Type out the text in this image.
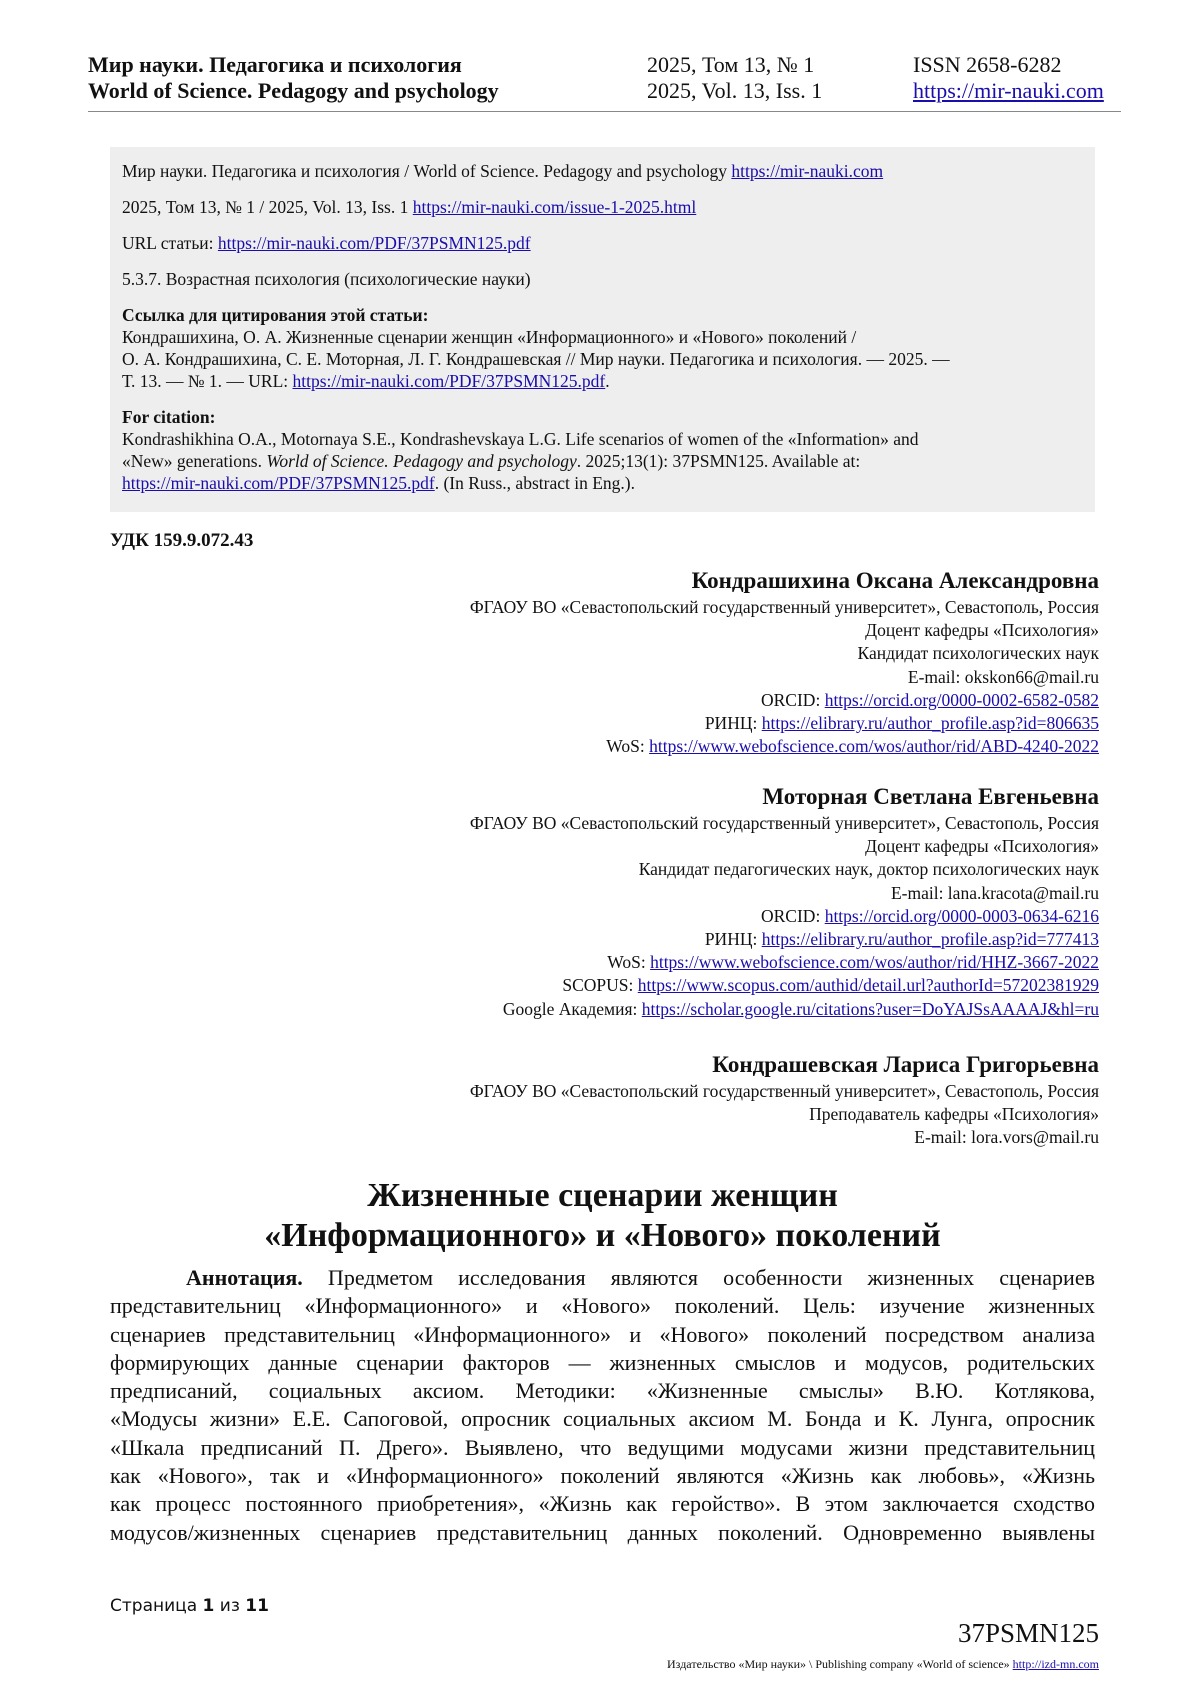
Мир науки. Педагогика и психология
World of Science. Pedagogy and psychology
2025, Том 13, № 1
2025, Vol. 13, Iss. 1
ISSN 2658-6282
https://mir-nauki.com

Мир науки. Педагогика и психология / World of Science. Pedagogy and psychology https://mir-nauki.com

2025, Том 13, № 1 / 2025, Vol. 13, Iss. 1 https://mir-nauki.com/issue-1-2025.html

URL статьи: https://mir-nauki.com/PDF/37PSMN125.pdf

5.3.7. Возрастная психология (психологические науки)

Ссылка для цитирования этой статьи:

Кондрашихина, О. А. Жизненные сценарии женщин «Информационного» и «Нового» поколений /

О. А. Кондрашихина, С. Е. Моторная, Л. Г. Кондрашевская // Мир науки. Педагогика и психология. — 2025. —

Т. 13. — № 1. — URL: https://mir-nauki.com/PDF/37PSMN125.pdf.

For citation:

Kondrashikhina O.A., Motornaya S.E., Kondrashevskaya L.G. Life scenarios of women of the «Information» and

«New» generations. World of Science. Pedagogy and psychology. 2025;13(1): 37PSMN125. Available at:

https://mir-nauki.com/PDF/37PSMN125.pdf. (In Russ., abstract in Eng.).

УДК 159.9.072.43
Кондрашихина Оксана Александровна
ФГАОУ ВО «Севастопольский государственный университет», Севастополь, Россия
Доцент кафедры «Психология»
Кандидат психологических наук
E-mail: okskon66@mail.ru
ORCID: https://orcid.org/0000-0002-6582-0582
РИНЦ: https://elibrary.ru/author_profile.asp?id=806635
WoS: https://www.webofscience.com/wos/author/rid/ABD-4240-2022
Моторная Светлана Евгеньевна
ФГАОУ ВО «Севастопольский государственный университет», Севастополь, Россия
Доцент кафедры «Психология»
Кандидат педагогических наук, доктор психологических наук
E-mail: lana.kracota@mail.ru
ORCID: https://orcid.org/0000-0003-0634-6216
РИНЦ: https://elibrary.ru/author_profile.asp?id=777413
WoS: https://www.webofscience.com/wos/author/rid/HHZ-3667-2022
SCOPUS: https://www.scopus.com/authid/detail.url?authorId=57202381929
Google Академия: https://scholar.google.ru/citations?user=DoYAJSsAAAAJ&hl=ru
Кондрашевская Лариса Григорьевна
ФГАОУ ВО «Севастопольский государственный университет», Севастополь, Россия
Преподаватель кафедры «Психология»
E-mail: lora.vors@mail.ru
Жизненные сценарии женщин
«Информационного» и «Нового» поколений
Аннотация. Предметом исследования являются особенности жизненных сценариев
представительниц «Информационного» и «Нового» поколений. Цель: изучение жизненных
сценариев представительниц «Информационного» и «Нового» поколений посредством анализа
формирующих данные сценарии факторов — жизненных смыслов и модусов, родительских
предписаний, социальных аксиом. Методики: «Жизненные смыслы» В.Ю. Котлякова,
«Модусы жизни» Е.Е. Сапоговой, опросник социальных аксиом М. Бонда и К. Лунга, опросник
«Шкала предписаний П. Дрего». Выявлено, что ведущими модусами жизни представительниц
как «Нового», так и «Информационного» поколений являются «Жизнь как любовь», «Жизнь
как процесс постоянного приобретения», «Жизнь как геройство». В этом заключается сходство
модусов/жизненных сценариев представительниц данных поколений. Одновременно выявлены
Страница 1 из 11
37PSMN125
Издательство «Мир науки» \ Publishing company «World of science» http://izd-mn.com
